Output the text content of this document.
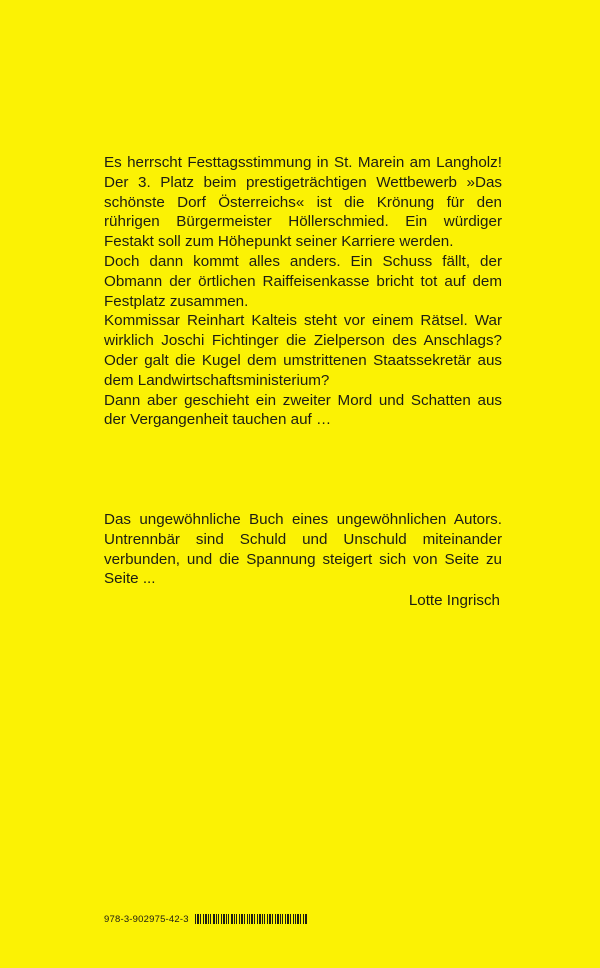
Es herrscht Festtagsstimmung in St. Marein am Langholz! Der 3. Platz beim prestigeträchtigen Wettbewerb »Das schönste Dorf Österreichs« ist die Krönung für den rührigen Bürgermeister Höllerschmied. Ein würdiger Festakt soll zum Höhepunkt seiner Karriere werden.

Doch dann kommt alles anders. Ein Schuss fällt, der Obmann der örtlichen Raiffeisenkasse bricht tot auf dem Festplatz zusammen.

Kommissar Reinhart Kalteis steht vor einem Rätsel. War wirklich Joschi Fichtinger die Zielperson des Anschlags? Oder galt die Kugel dem umstrittenen Staatssekretär aus dem Landwirtschaftsministerium?

Dann aber geschieht ein zweiter Mord und Schatten aus der Vergangenheit tauchen auf …

Das ungewöhnliche Buch eines ungewöhnlichen Autors. Untrennbär sind Schuld und Unschuld miteinander verbunden, und die Spannung steigert sich von Seite zu Seite ...

Lotte Ingrisch

978-3-902975-42-3
